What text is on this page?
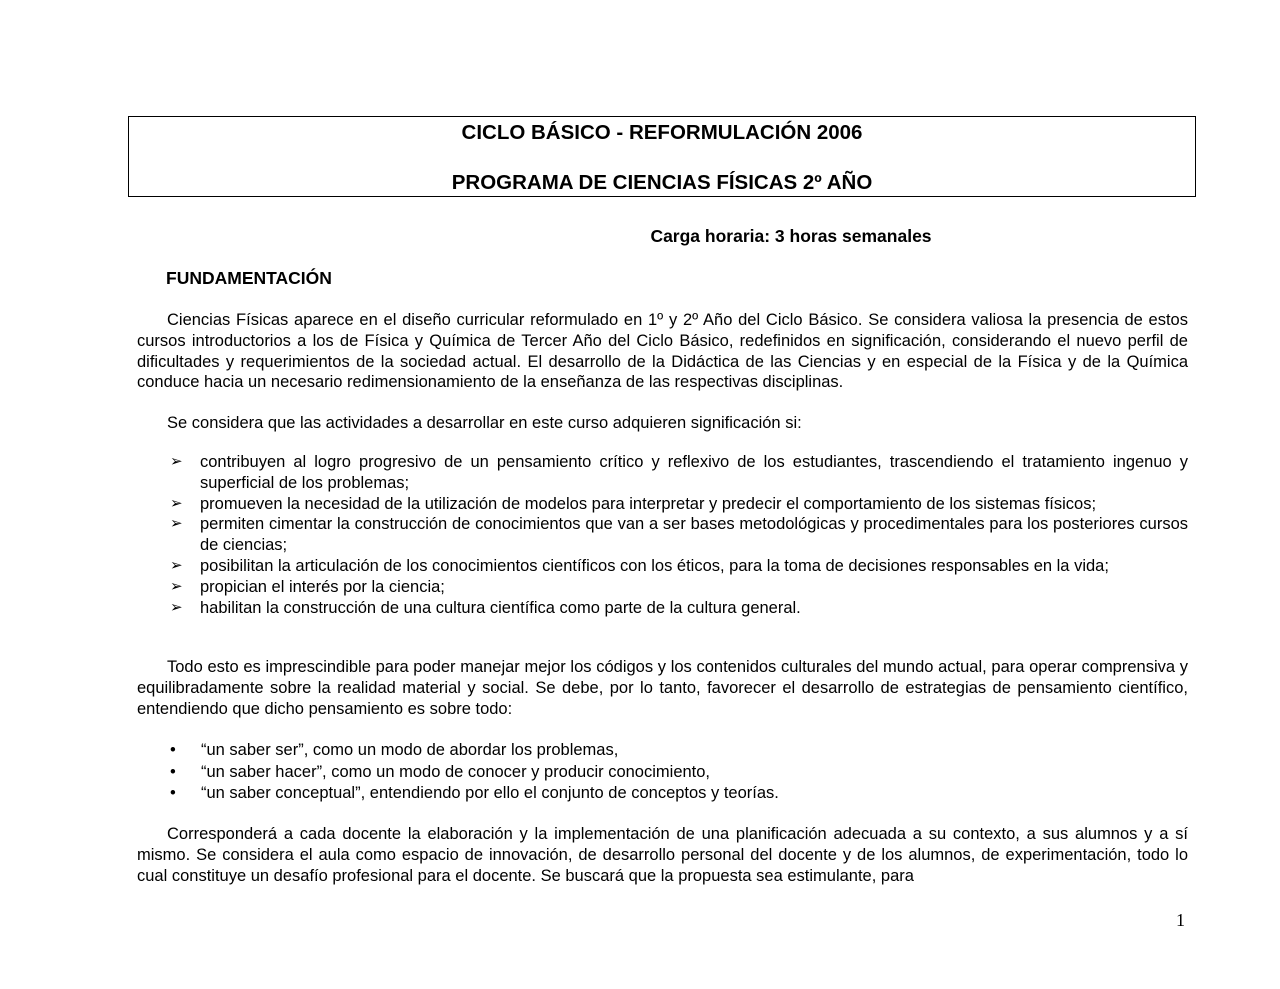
CICLO BÁSICO - REFORMULACIÓN 2006
PROGRAMA DE CIENCIAS FÍSICAS 2º AÑO
Carga horaria: 3 horas semanales
FUNDAMENTACIÓN

Ciencias Físicas aparece en el diseño curricular reformulado en 1º y 2º Año del Ciclo Básico. Se considera valiosa la presencia de estos cursos introductorios a los de Física y Química de Tercer Año del Ciclo Básico, redefinidos en significación, considerando el nuevo perfil de dificultades y requerimientos de la sociedad actual. El desarrollo de la Didáctica de las Ciencias y en especial de la Física y de la Química conduce hacia un necesario redimensionamiento de la enseñanza de las respectivas disciplinas.

Se considera que las actividades a desarrollar en este curso adquieren significación si:

➢ contribuyen al logro progresivo de un pensamiento crítico y reflexivo de los estudiantes, trascendiendo el tratamiento ingenuo y superficial de los problemas;
➢ promueven la necesidad de la utilización de modelos para interpretar y predecir el comportamiento de los sistemas físicos;
➢ permiten cimentar la construcción de conocimientos que van a ser bases metodológicas y procedimentales para los posteriores cursos de ciencias;
➢ posibilitan la articulación de los conocimientos científicos con los éticos, para la toma de decisiones responsables en la vida;
➢ propician el interés por la ciencia;
➢ habilitan la construcción de una cultura científica como parte de la cultura general.

Todo esto es imprescindible para poder manejar mejor los códigos y los contenidos culturales del mundo actual, para operar comprensiva y equilibradamente sobre la realidad material y social. Se debe, por lo tanto, favorecer el desarrollo de estrategias de pensamiento científico, entendiendo que dicho pensamiento es sobre todo:

• “un saber ser”, como un modo de abordar los problemas,
• “un saber hacer”, como un modo de conocer y producir conocimiento,
• “un saber conceptual”, entendiendo por ello el conjunto de conceptos y teorías.

Corresponderá a cada docente la elaboración y la implementación de una planificación adecuada a su contexto, a sus alumnos y a sí mismo. Se considera el aula como espacio de innovación, de desarrollo personal del docente y de los alumnos, de experimentación, todo lo cual constituye un desafío profesional para el docente. Se buscará que la propuesta sea estimulante, para

1
